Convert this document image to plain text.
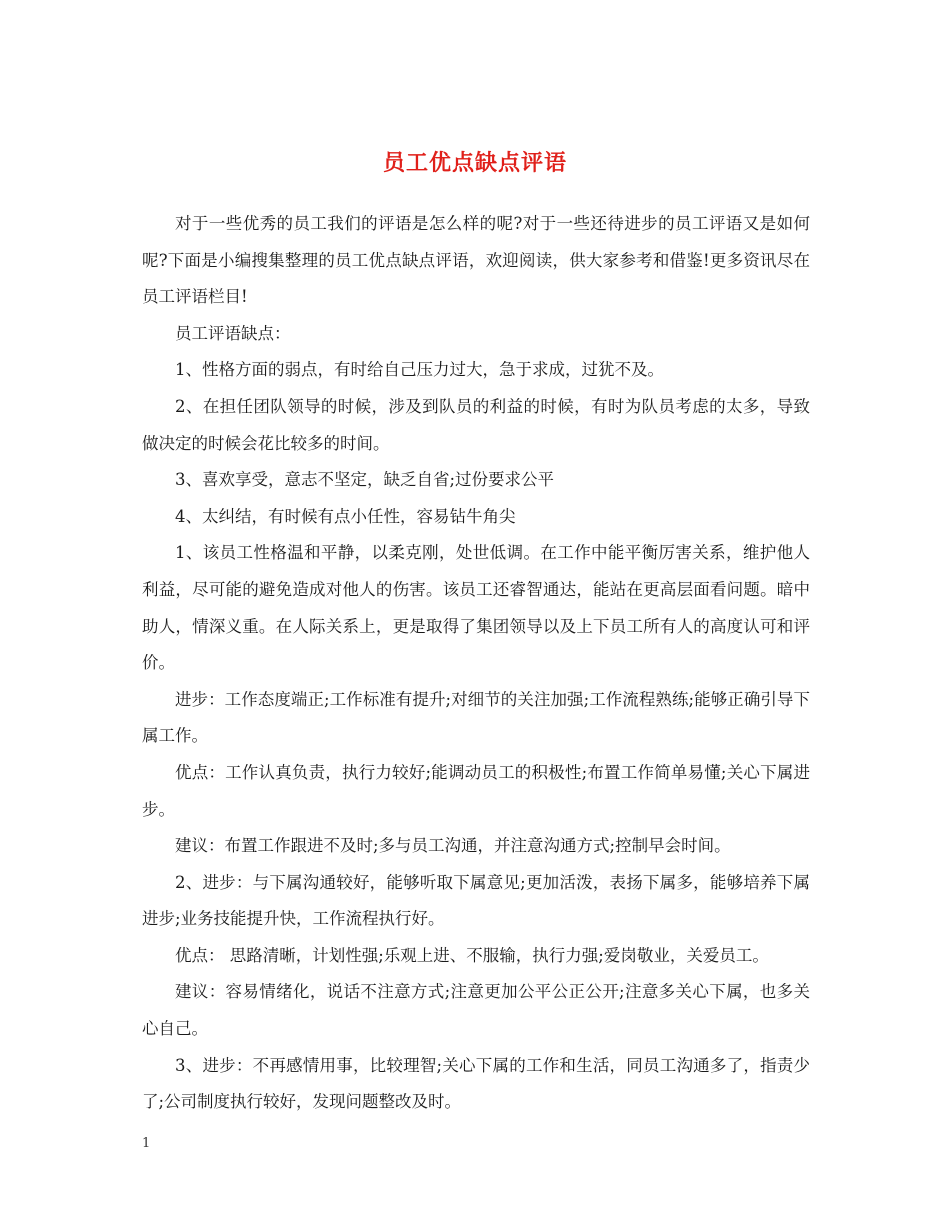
员工优点缺点评语

对于一些优秀的员工我们的评语是怎么样的呢?对于一些还待进步的员工评语又是如何呢?下面是小编搜集整理的员工优点缺点评语，欢迎阅读，供大家参考和借鉴!更多资讯尽在员工评语栏目!

员工评语缺点：

1、性格方面的弱点，有时给自己压力过大，急于求成，过犹不及。

2、在担任团队领导的时候，涉及到队员的利益的时候，有时为队员考虑的太多，导致做决定的时候会花比较多的时间。

3、喜欢享受，意志不坚定，缺乏自省;过份要求公平

4、太纠结，有时候有点小任性，容易钻牛角尖

1、该员工性格温和平静，以柔克刚，处世低调。在工作中能平衡厉害关系，维护他人利益，尽可能的避免造成对他人的伤害。该员工还睿智通达，能站在更高层面看问题。暗中助人，情深义重。在人际关系上，更是取得了集团领导以及上下员工所有人的高度认可和评价。

进步：工作态度端正;工作标准有提升;对细节的关注加强;工作流程熟练;能够正确引导下属工作。

优点：工作认真负责，执行力较好;能调动员工的积极性;布置工作简单易懂;关心下属进步。

建议：布置工作跟进不及时;多与员工沟通，并注意沟通方式;控制早会时间。

2、进步：与下属沟通较好，能够听取下属意见;更加活泼，表扬下属多，能够培养下属进步;业务技能提升快，工作流程执行好。

优点： 思路清晰，计划性强;乐观上进、不服输，执行力强;爱岗敬业，关爱员工。

建议：容易情绪化，说话不注意方式;注意更加公平公正公开;注意多关心下属，也多关心自己。

3、进步：不再感情用事，比较理智;关心下属的工作和生活，同员工沟通多了，指责少了;公司制度执行较好，发现问题整改及时。

1
